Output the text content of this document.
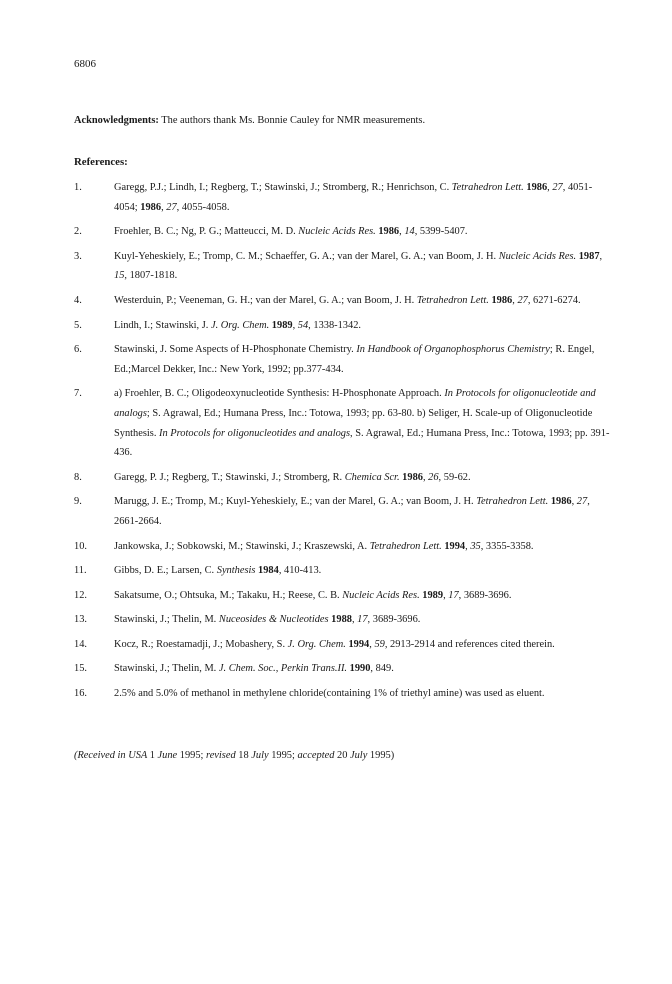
6806
Acknowledgments: The authors thank Ms. Bonnie Cauley for NMR measurements.
References:
1.	Garegg, P.J.; Lindh, I.; Regberg, T.; Stawinski, J.; Stromberg, R.; Henrichson, C. Tetrahedron Lett. 1986, 27, 4051-4054; 1986, 27, 4055-4058.
2.	Froehler, B. C.; Ng, P. G.; Matteucci, M. D. Nucleic Acids Res. 1986, 14, 5399-5407.
3.	Kuyl-Yeheskiely, E.; Tromp, C. M.; Schaeffer, G. A.; van der Marel, G. A.; van Boom, J. H. Nucleic Acids Res. 1987, 15, 1807-1818.
4.	Westerduin, P.; Veeneman, G. H.; van der Marel, G. A.; van Boom, J. H. Tetrahedron Lett. 1986, 27, 6271-6274.
5.	Lindh, I.; Stawinski, J. J. Org. Chem. 1989, 54, 1338-1342.
6.	Stawinski, J. Some Aspects of H-Phosphonate Chemistry. In Handbook of Organophosphorus Chemistry; R. Engel, Ed.;Marcel Dekker, Inc.: New York, 1992; pp.377-434.
7.	a) Froehler, B. C.; Oligodeoxynucleotide Synthesis: H-Phosphonate Approach. In Protocols for oligonucleotide and analogs; S. Agrawal, Ed.; Humana Press, Inc.: Totowa, 1993; pp. 63-80. b) Seliger, H. Scale-up of Oligonucleotide Synthesis. In Protocols for oligonucleotides and analogs, S. Agrawal, Ed.; Humana Press, Inc.: Totowa, 1993; pp. 391-436.
8.	Garegg, P. J.; Regberg, T.; Stawinski, J.; Stromberg, R. Chemica Scr. 1986, 26, 59-62.
9.	Marugg, J. E.; Tromp, M.; Kuyl-Yeheskiely, E.; van der Marel, G. A.; van Boom, J. H. Tetrahedron Lett. 1986, 27, 2661-2664.
10.	Jankowska, J.; Sobkowski, M.; Stawinski, J.; Kraszewski, A. Tetrahedron Lett. 1994, 35, 3355-3358.
11.	Gibbs, D. E.; Larsen, C. Synthesis 1984, 410-413.
12.	Sakatsume, O.; Ohtsuka, M.; Takaku, H.; Reese, C. B. Nucleic Acids Res. 1989, 17, 3689-3696.
13.	Stawinski, J.; Thelin, M. Nuceosides & Nucleotides 1988, 17, 3689-3696.
14.	Kocz, R.; Roestamadji, J.; Mobashery, S. J. Org. Chem. 1994, 59, 2913-2914 and references cited therein.
15.	Stawinski, J.; Thelin, M. J. Chem. Soc., Perkin Trans.II. 1990, 849.
16.	2.5% and 5.0% of methanol in methylene chloride(containing 1% of triethyl amine) was used as eluent.
(Received in USA 1 June 1995; revised 18 July 1995; accepted 20 July 1995)
